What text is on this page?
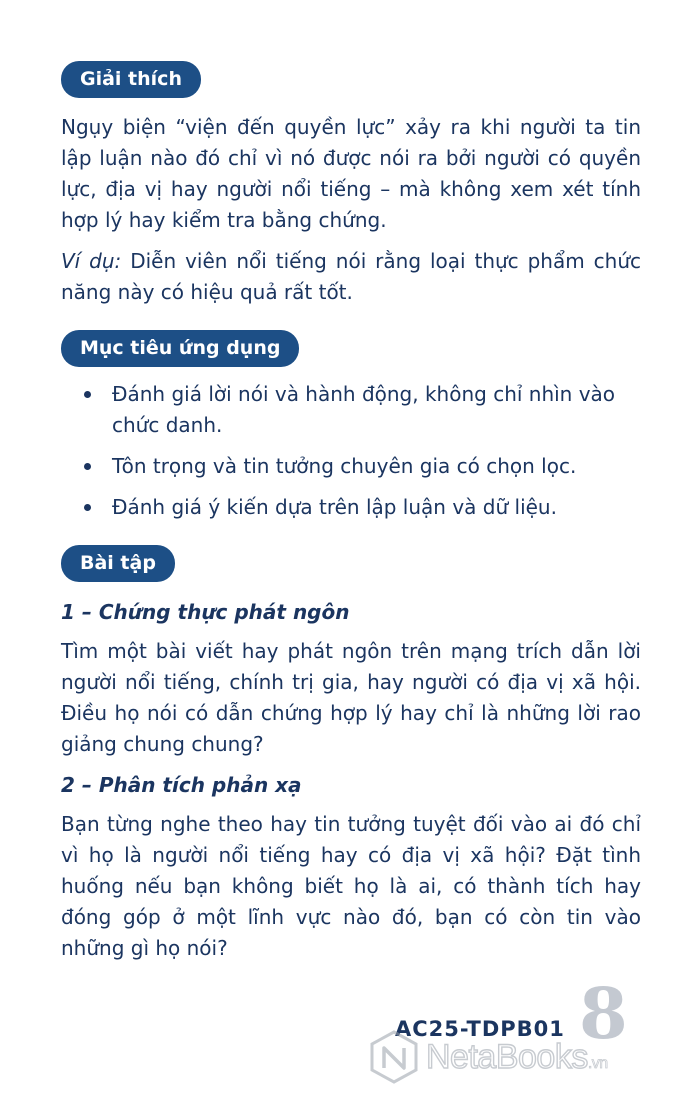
Giải thích

Ngụy biện “viện đến quyền lực” xảy ra khi người ta tin lập luận nào đó chỉ vì nó được nói ra bởi người có quyền lực, địa vị hay người nổi tiếng – mà không xem xét tính hợp lý hay kiểm tra bằng chứng.

Ví dụ: Diễn viên nổi tiếng nói rằng loại thực phẩm chức năng này có hiệu quả rất tốt.

Mục tiêu ứng dụng
Đánh giá lời nói và hành động, không chỉ nhìn vào chức danh.
Tôn trọng và tin tưởng chuyên gia có chọn lọc.
Đánh giá ý kiến dựa trên lập luận và dữ liệu.
Bài tập

1 – Chứng thực phát ngôn

Tìm một bài viết hay phát ngôn trên mạng trích dẫn lời người nổi tiếng, chính trị gia, hay người có địa vị xã hội. Điều họ nói có dẫn chứng hợp lý hay chỉ là những lời rao giảng chung chung?

2 – Phân tích phản xạ

Bạn từng nghe theo hay tin tưởng tuyệt đối vào ai đó chỉ vì họ là người nổi tiếng hay có địa vị xã hội? Đặt tình huống nếu bạn không biết họ là ai, có thành tích hay đóng góp ở một lĩnh vực nào đó, bạn có còn tin vào những gì họ nói?

8
AC25-TDPB01
NetaBooks.vn
